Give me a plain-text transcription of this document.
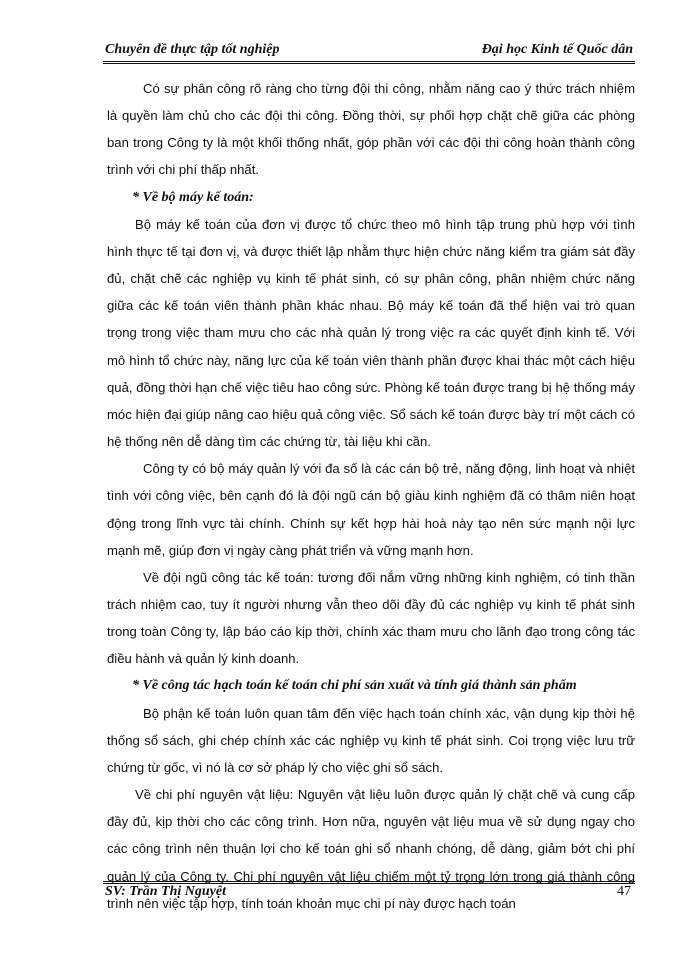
Chuyên đề thực tập tốt nghiệp	Đại học Kinh tế Quốc dân

Có sự phân công rõ ràng cho từng đội thi công, nhằm năng cao ý thức trách nhiệm là quyền làm chủ cho các đội thi công. Đồng thời, sự phối hợp chặt chẽ giữa các phòng ban trong Công ty là một khối thống nhất, góp phần với các đội thi công hoàn thành công trình với chi phí thấp nhất.

* Về bộ máy kế toán:

Bộ máy kế toán của đơn vị được tổ chức theo mô hình tập trung phù hợp với tình hình thực tế tại đơn vị, và được thiết lập nhằm thực hiện chức năng kiểm tra giám sát đầy đủ, chặt chẽ các nghiệp vụ kinh tế phát sinh, có sự phân công, phân nhiệm chức năng giữa các kế toán viên thành phần khác nhau. Bộ máy kế toán đã thể hiện vai trò quan trọng trong việc tham mưu cho các nhà quản lý trong việc ra các quyết định kinh tế. Với mô hình tổ chức này, năng lực của kế toán viên thành phần được khai thác một cách hiệu quả, đồng thời hạn chế việc tiêu hao công sức. Phòng kế toán được trang bị hệ thống máy móc hiện đại giúp nâng cao hiệu quả công việc. Sổ sách kế toán được bày trí một cách có hệ thống nên dễ dàng tìm các chứng từ, tài liệu khi cần.

Công ty có bộ máy quản lý với đa số là các cán bộ trẻ, năng động, linh hoạt và nhiệt tình với công việc, bên cạnh đó là đội ngũ cán bộ giàu kinh nghiệm đã có thâm niên hoạt động trong lĩnh vực tài chính. Chính sự kết hợp hài hoà này tạo nên sức mạnh nội lực mạnh mẽ, giúp đơn vị ngày càng phát triển và vững mạnh hơn.

Về đội ngũ công tác kế toán: tương đối nắm vững những kinh nghiệm, có tinh thần trách nhiệm cao, tuy ít người nhưng vẫn theo dõi đầy đủ các nghiệp vụ kinh tế phát sinh trong toàn Công ty, lập báo cáo kịp thời, chính xác tham mưu cho lãnh đạo trong công tác điều hành và quản lý kinh doanh.

* Về công tác hạch toán kế toán chi phí sản xuất và tính giá thành sản phẩm

Bộ phận kế toán luôn quan tâm đến việc hạch toán chính xác, vận dụng kịp thời hệ thống sổ sách, ghi chép chính xác các nghiệp vụ kinh tế phát sinh. Coi trọng việc lưu trữ chứng từ gốc, vì nó là cơ sở pháp lý cho việc ghi sổ sách.

Về chi phí nguyên vật liệu: Nguyên vật liệu luôn được quản lý chặt chẽ và cung cấp đầy đủ, kịp thời cho các công trình. Hơn nữa, nguyên vật liệu mua về sử dụng ngay cho các công trình nên thuận lợi cho kế toán ghi sổ nhanh chóng, dễ dàng, giảm bớt chi phí quản lý của Công ty. Chi phí nguyên vật liệu chiếm một tỷ trọng lớn trong giá thành công trình nên việc tập hợp, tính toán khoản mục chi pí này được hạch toán

SV: Trần Thị Nguyệt	47
